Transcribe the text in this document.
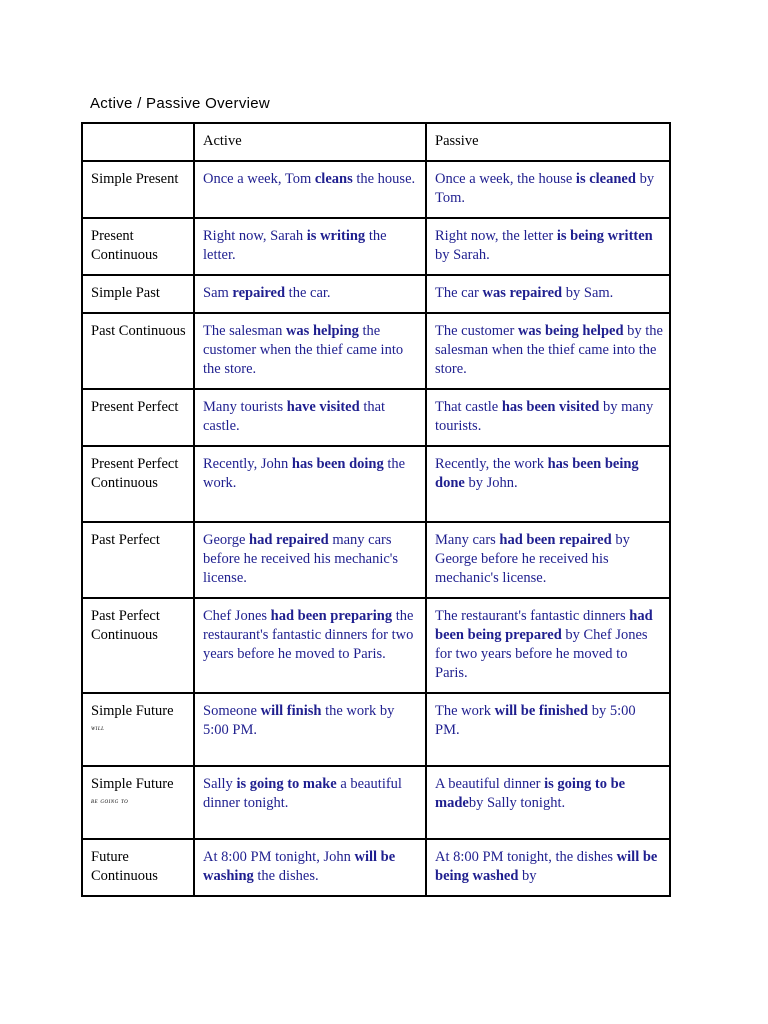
Active / Passive Overview
	Active	Passive
Simple Present	Once a week, Tom cleans the house.	Once a week, the house is cleaned by Tom.
Present Continuous	Right now, Sarah is writing the letter.	Right now, the letter is being written by Sarah.
Simple Past	Sam repaired the car.	The car was repaired by Sam.
Past Continuous	The salesman was helping the customer when the thief came into the store.	The customer was being helped by the salesman when the thief came into the store.
Present Perfect	Many tourists have visited that castle.	That castle has been visited by many tourists.
Present Perfect Continuous	Recently, John has been doing the work.	Recently, the work has been being done by John.
Past Perfect	George had repaired many cars before he received his mechanic's license.	Many cars had been repaired by George before he received his mechanic's license.
Past Perfect Continuous	Chef Jones had been preparing the restaurant's fantastic dinners for two years before he moved to Paris.	The restaurant's fantastic dinners had been being prepared by Chef Jones for two years before he moved to Paris.
Simple Future
will	Someone will finish the work by 5:00 PM.	The work will be finished by 5:00 PM.
Simple Future
be going to	Sally is going to make a beautiful dinner tonight.	A beautiful dinner is going to be madeby Sally tonight.
Future Continuous	At 8:00 PM tonight, John will be washing the dishes.	At 8:00 PM tonight, the dishes will be being washed by
